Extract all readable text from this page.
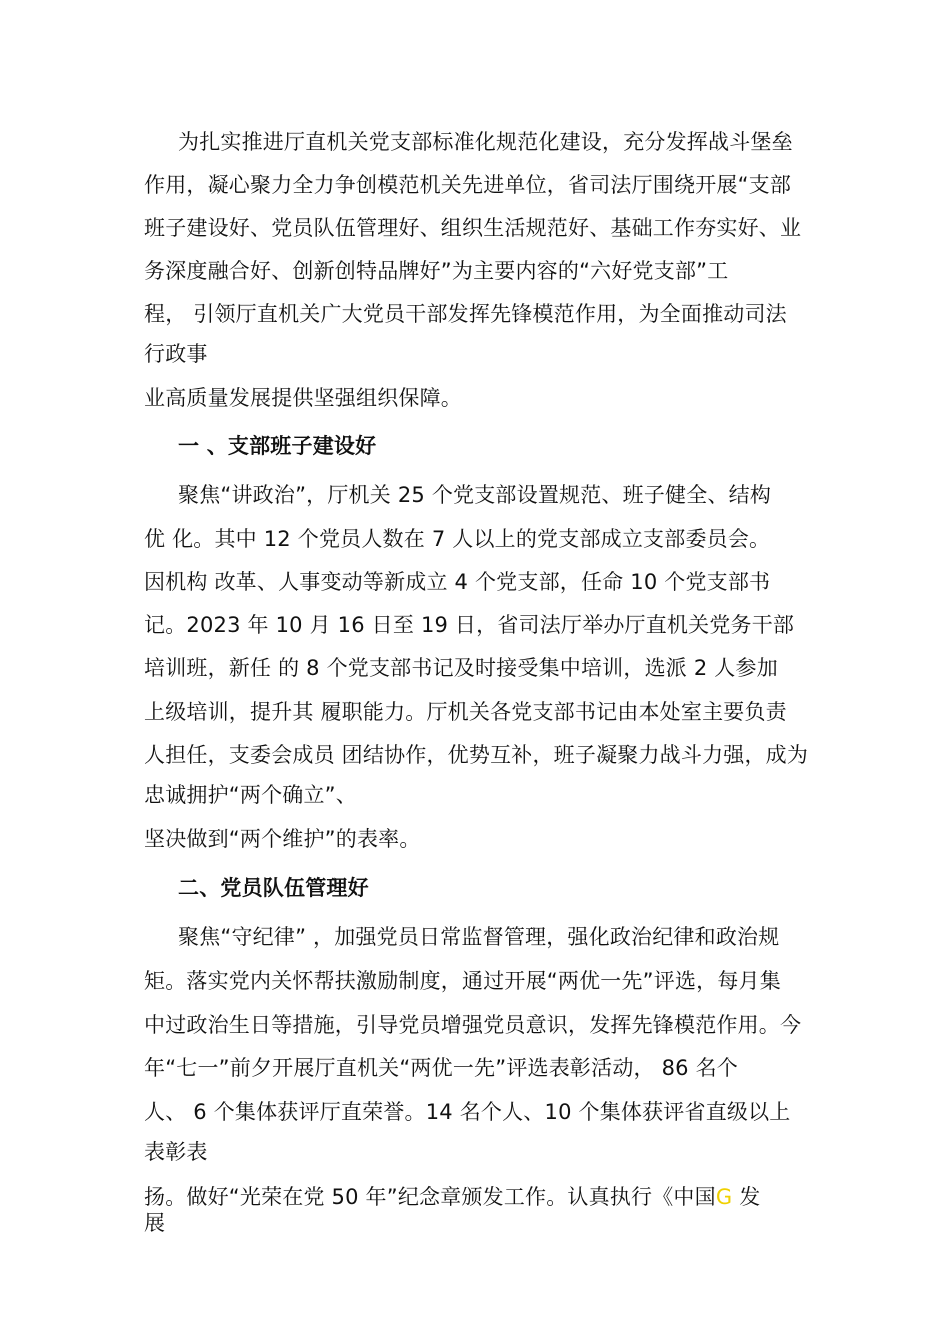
为扎实推进厅直机关党支部标准化规范化建设，充分发挥战斗堡垒
作用，凝心聚力全力争创模范机关先进单位，省司法厅围绕开展“支部
班子建设好、党员队伍管理好、组织生活规范好、基础工作夯实好、业
务深度融合好、创新创特品牌好”为主要内容的“六好党支部”工
程， 引领厅直机关广大党员干部发挥先锋模范作用，为全面推动司法
行政事
业高质量发展提供坚强组织保障。
一 、支部班子建设好
聚焦“讲政治”，厅机关 25 个党支部设置规范、班子健全、结构
优 化。其中 12 个党员人数在 7 人以上的党支部成立支部委员会。
因机构 改革、人事变动等新成立 4 个党支部，任命 10 个党支部书
记。2023 年 10 月 16 日至 19 日，省司法厅举办厅直机关党务干部
培训班，新任 的 8 个党支部书记及时接受集中培训，选派 2 人参加
上级培训，提升其 履职能力。厅机关各党支部书记由本处室主要负责
人担任，支委会成员 团结协作，优势互补，班子凝聚力战斗力强，成为
忠诚拥护“两个确立”、
坚决做到“两个维护”的表率。
二、党员队伍管理好
聚焦“守纪律” ，加强党员日常监督管理，强化政治纪律和政治规
矩。落实党内关怀帮扶激励制度，通过开展“两优一先”评选，每月集
中过政治生日等措施，引导党员增强党员意识，发挥先锋模范作用。今
年“七一”前夕开展厅直机关“两优一先”评选表彰活动， 86 名个
人、 6 个集体获评厅直荣誉。14 名个人、10 个集体获评省直级以上
表彰表
扬。做好“光荣在党 50 年”纪念章颁发工作。认真执行《中国G 发
展
